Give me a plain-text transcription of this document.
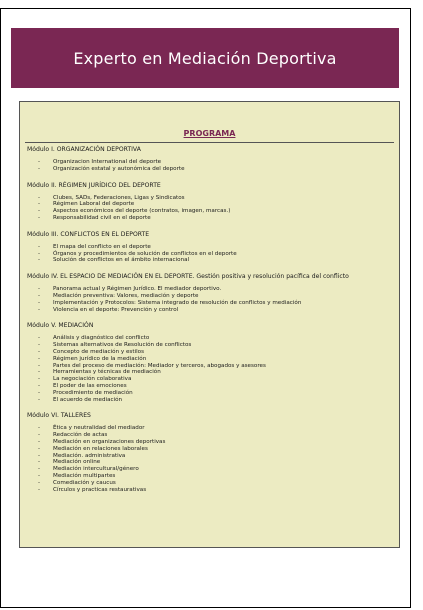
Experto en Mediación Deportiva
PROGRAMA
Módulo I. ORGANIZACIÓN DEPORTIVA
- Organizacion International del deporte
- Organización estatal y autonómica del deporte
Módulo II. RÉGIMEN JURÍDICO DEL DEPORTE
- Clubes, SADs, Federaciones, Ligas y Sindicatos
- Régimen Laboral del deporte
- Aspectos económicos del deporte (contratos, imagen, marcas.)
- Responsabilidad civil en el deporte
Módulo III. CONFLICTOS EN EL DEPORTE
- El mapa del conflicto en el deporte
- Órganos y procedimientos de solución de conflictos en el deporte
- Solución de conflictos en el ámbito internacional
Módulo IV. EL ESPACIO DE MEDIACIÓN EN EL DEPORTE. Gestión positiva y resolución pacífica del conflicto
- Panorama actual y Régimen Jurídico. El mediador deportivo.
- Mediación preventiva: Valores, mediación y deporte
- Implementación y Protocolos: Sistema integrado de resolución de conflictos y mediación
- Violencia en el deporte: Prevención y control
Módulo V. MEDIACIÓN
- Análisis y diagnóstico del conflicto
- Sistemas alternativos de Resolución de conflictos
- Concepto de mediación y estilos
- Régimen jurídico de la mediación
- Partes del proceso de mediación: Mediador y terceros, abogados y asesores
- Herramientas y técnicas de mediación
- La negociación colaborativa
- El poder de las emociones
- Procedimiento de mediación
- El acuerdo de mediación
Módulo VI. TALLERES
- Ética y neutralidad del mediador
- Redacción de actas
- Mediación en organizaciones deportivas
- Mediación en relaciones laborales
- Mediación. administrativa
- Mediación online
- Mediación intercultural/género
- Mediación multipartes
- Comediación y caucus
- Círculos y practicas restaurativas
